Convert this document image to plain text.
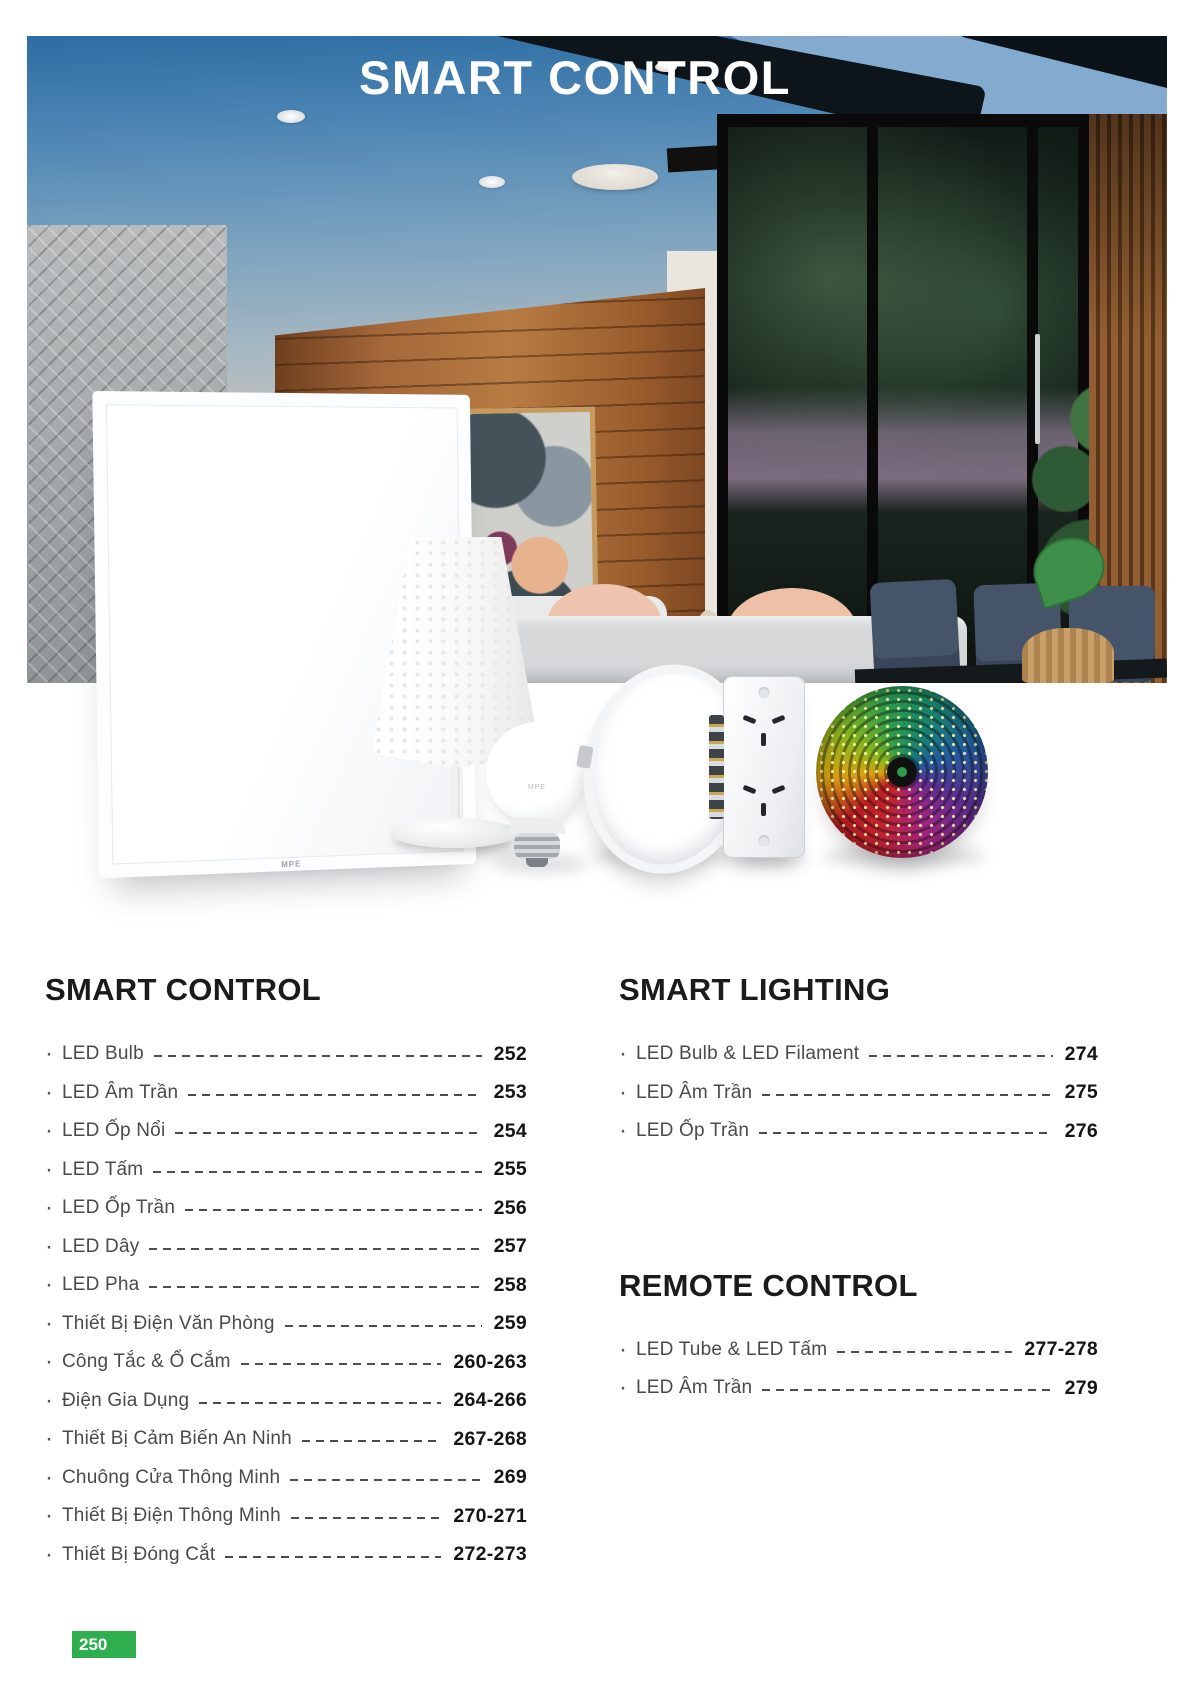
SMART CONTROL
MPE
MPE
SMART CONTROL
· LED Bulb	252
· LED Âm Trần	253
· LED Ốp Nổi	254
· LED Tấm	255
· LED Ốp Trần	256
· LED Dây	257
· LED Pha	258
· Thiết Bị Điện Văn Phòng	259
· Công Tắc & Ổ Cắm	260-263
· Điện Gia Dụng	264-266
· Thiết Bị Cảm Biến An Ninh	267-268
· Chuông Cửa Thông Minh	269
· Thiết Bị Điện Thông Minh	270-271
· Thiết Bị Đóng Cắt	272-273
SMART LIGHTING
· LED Bulb & LED Filament	274
· LED Âm Trần	275
· LED Ốp Trần	276
REMOTE CONTROL
· LED Tube & LED Tấm	277-278
· LED Âm Trần	279
250
